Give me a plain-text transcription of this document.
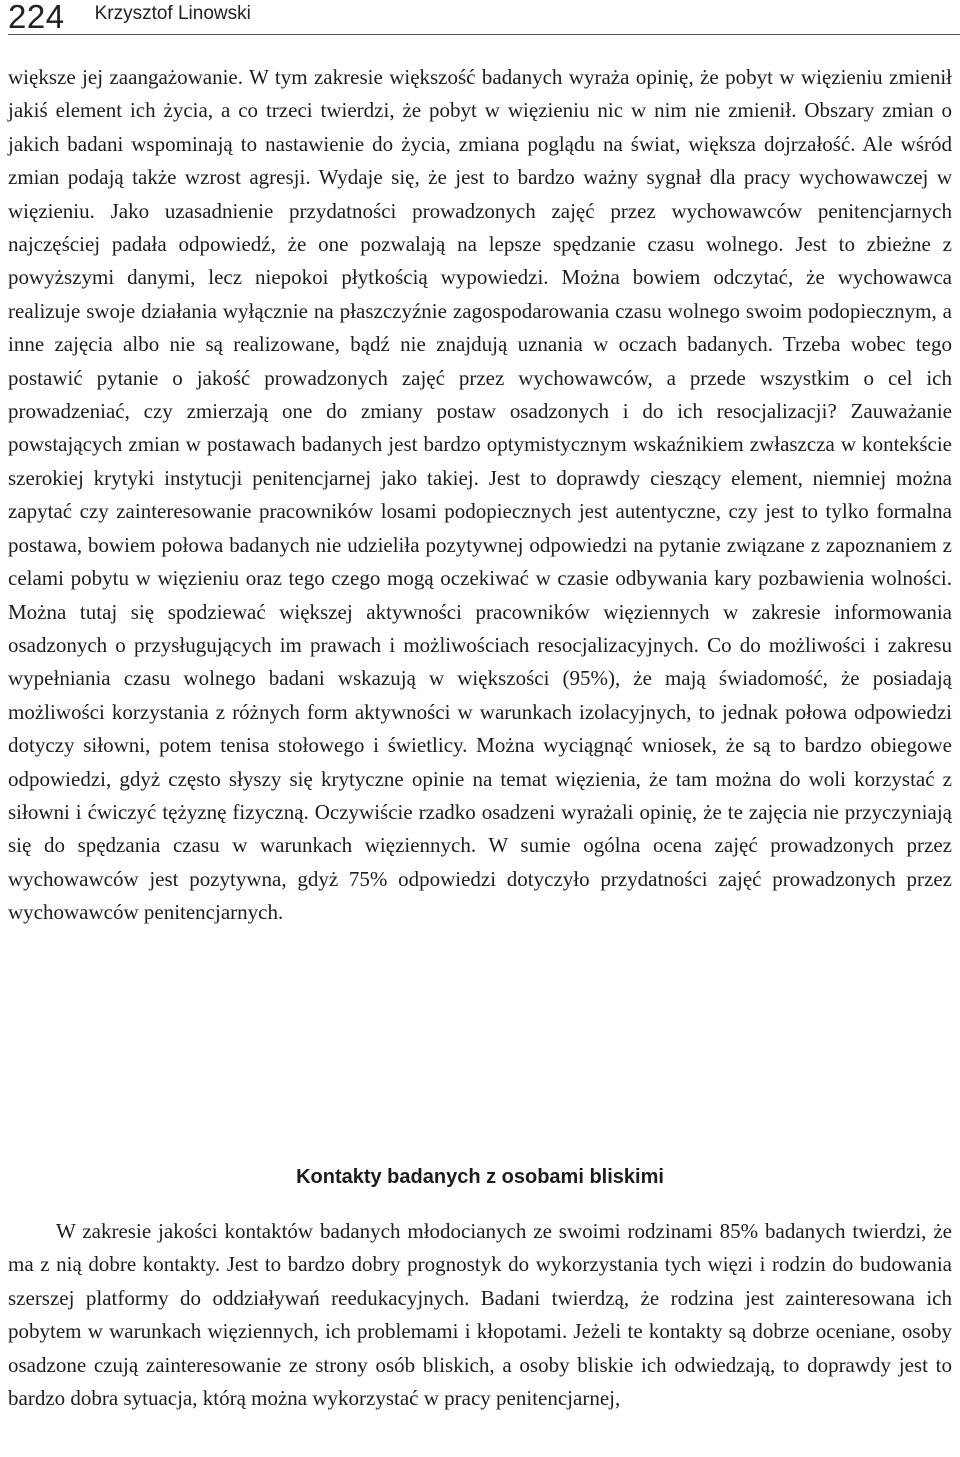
224 Krzysztof Linowski

większe jej zaangażowanie. W tym zakresie większość badanych wyraża opinię, że pobyt w więzieniu zmienił jakiś element ich życia, a co trzeci twierdzi, że pobyt w więzieniu nic w nim nie zmienił. Obszary zmian o jakich badani wspominają to nastawienie do życia, zmiana poglądu na świat, większa dojrzałość. Ale wśród zmian podają także wzrost agresji. Wydaje się, że jest to bardzo ważny sygnał dla pracy wychowawczej w więzieniu. Jako uzasadnienie przydatności prowadzonych zajęć przez wychowawców penitencjarnych najczęściej padała odpowiedź, że one pozwalają na lepsze spędzanie czasu wolnego. Jest to zbieżne z powyższymi danymi, lecz niepokoi płytkością wypowiedzi. Można bowiem odczytać, że wychowawca realizuje swoje działania wyłącznie na płaszczyźnie zagospodarowania czasu wolnego swoim podopiecznym, a inne zajęcia albo nie są realizowane, bądź nie znajdują uznania w oczach badanych. Trzeba wobec tego postawić pytanie o jakość prowadzonych zajęć przez wychowawców, a przede wszystkim o cel ich prowadzeniać, czy zmierzają one do zmiany postaw osadzonych i do ich resocjalizacji? Zauważanie powstających zmian w postawach badanych jest bardzo optymistycznym wskaźnikiem zwłaszcza w kontekście szerokiej krytyki instytucji penitencjarnej jako takiej. Jest to doprawdy cieszący element, niemniej można zapytać czy zainteresowanie pracowników losami podopiecznych jest autentyczne, czy jest to tylko formalna postawa, bowiem połowa badanych nie udzieliła pozytywnej odpowiedzi na pytanie związane z zapoznaniem z celami pobytu w więzieniu oraz tego czego mogą oczekiwać w czasie odbywania kary pozbawienia wolności. Można tutaj się spodziewać większej aktywności pracowników więziennych w zakresie informowania osadzonych o przysługujących im prawach i możliwościach resocjalizacyjnych. Co do możliwości i zakresu wypełniania czasu wolnego badani wskazują w większości (95%), że mają świadomość, że posiadają możliwości korzystania z różnych form aktywności w warunkach izolacyjnych, to jednak połowa odpowiedzi dotyczy siłowni, potem tenisa stołowego i świetlicy. Można wyciągnąć wniosek, że są to bardzo obiegowe odpowiedzi, gdyż często słyszy się krytyczne opinie na temat więzienia, że tam można do woli korzystać z siłowni i ćwiczyć tężyznę fizyczną. Oczywiście rzadko osadzeni wyrażali opinię, że te zajęcia nie przyczyniają się do spędzania czasu w warunkach więziennych. W sumie ogólna ocena zajęć prowadzonych przez wychowawców jest pozytywna, gdyż 75% odpowiedzi dotyczyło przydatności zajęć prowadzonych przez wychowawców penitencjarnych.

Kontakty badanych z osobami bliskimi

W zakresie jakości kontaktów badanych młodocianych ze swoimi rodzinami 85% badanych twierdzi, że ma z nią dobre kontakty. Jest to bardzo dobry prognostyk do wykorzystania tych więzi i rodzin do budowania szerszej platformy do oddziaływań reedukacyjnych. Badani twierdzą, że rodzina jest zainteresowana ich pobytem w warunkach więziennych, ich problemami i kłopotami. Jeżeli te kontakty są dobrze oceniane, osoby osadzone czują zainteresowanie ze strony osób bliskich, a osoby bliskie ich odwiedzają, to doprawdy jest to bardzo dobra sytuacja, którą można wykorzystać w pracy penitencjarnej,
